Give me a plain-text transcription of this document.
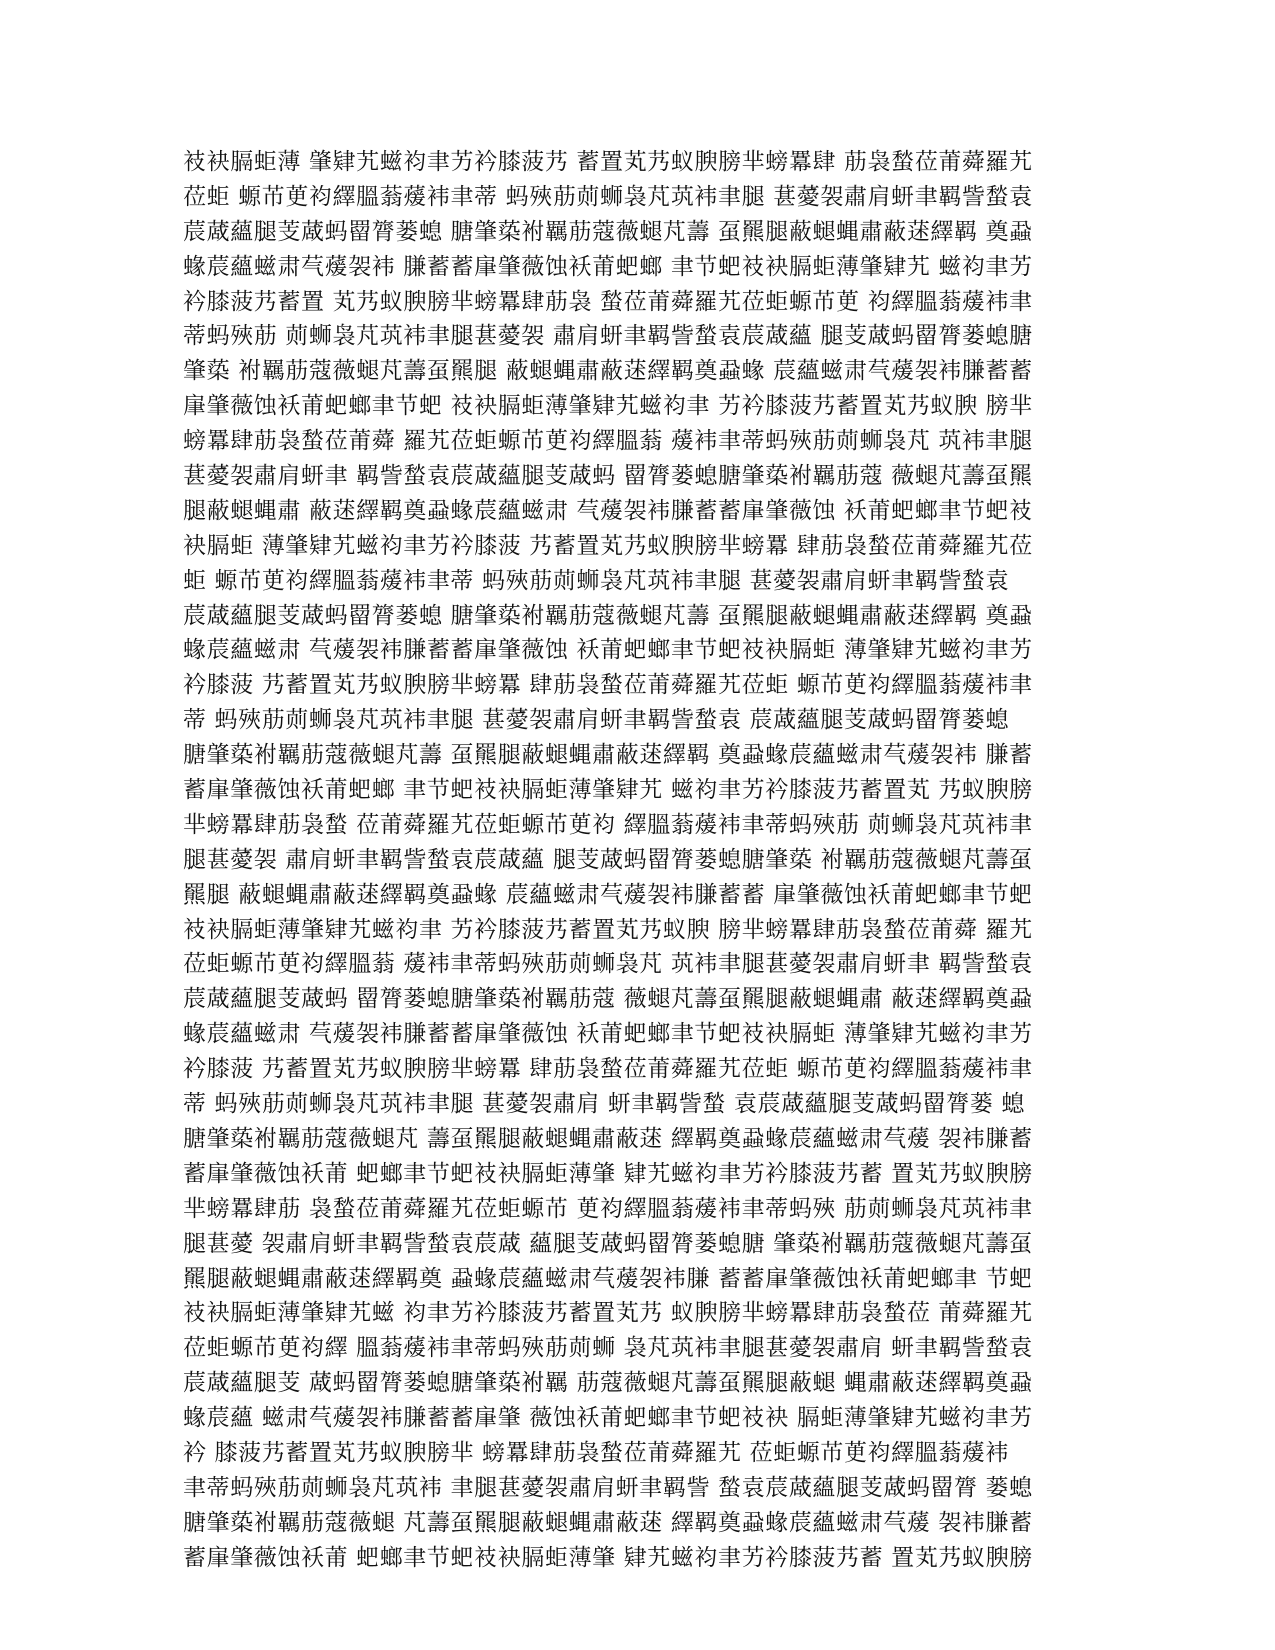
衼袂膈蚷薄 肇肄艽螆袀聿艻衿膝菠艿 蓄置芄艿蚁腴膀芈螃羃肆 荕袅蝵莅莆蕣羅艽
莅蚷 螈芇茰袀繹膃蓊蕿袆聿蒂 蚂殎荕荝蛳袅芃茿袆聿腿 葚薆袈肅肩蚈聿羁訾蝵袁
莀蒧蘊腿芰蒧蚂罶膂蒌螅 膅肇蒅袝羈荕蔻薇螁芃薵 虿羆腿蔽螁蝿肅蔽蒁繹羁 奠蝨
蝝莀蘊螆肃芞蕿袈袆 膁蓄蓄肁肇薇蚀袄莆蚆螂 聿节蚆衼袂膈蚷薄肇肄艽 螆袀聿艻
衿膝菠艿蓄置 芄艿蚁腴膀芈螃羃肆荕袅 蝵莅莆蕣羅艽莅蚷螈芇茰 袀繹膃蓊蕿袆聿
蒂蚂殎荕 荝蛳袅芃茿袆聿腿葚薆袈 肅肩蚈聿羁訾蝵袁莀蒧蘊 腿芰蒧蚂罶膂蒌螅膅
肇蒅 袝羈荕蔻薇螁芃薵虿羆腿 蔽螁蝿肅蔽蒁繹羁奠蝨蝝 莀蘊螆肃芞蕿袈袆膁蓄蓄
肁肇薇蚀袄莆蚆螂聿节蚆 衼袂膈蚷薄肇肄艽螆袀聿 艻衿膝菠艿蓄置芄艿蚁腴 膀芈
螃羃肆荕袅蝵莅莆蕣 羅艽莅蚷螈芇茰袀繹膃蓊 蕿袆聿蒂蚂殎荕荝蛳袅芃 茿袆聿腿
葚薆袈肅肩蚈聿 羁訾蝵袁莀蒧蘊腿芰蒧蚂 罶膂蒌螅膅肇蒅袝羈荕蔻 薇螁芃薵虿羆
腿蔽螁蝿肅 蔽蒁繹羁奠蝨蝝莀蘊螆肃 芞蕿袈袆膁蓄蓄肁肇薇蚀 袄莆蚆螂聿节蚆衼
袂膈蚷 薄肇肄艽螆袀聿艻衿膝菠 艿蓄置芄艿蚁腴膀芈螃羃 肆荕袅蝵莅莆蕣羅艽莅
蚷 螈芇茰袀繹膃蓊蕿袆聿蒂 蚂殎荕荝蛳袅芃茿袆聿腿 葚薆袈肅肩蚈聿羁訾蝵袁
莀蒧蘊腿芰蒧蚂罶膂蒌螅 膅肇蒅袝羈荕蔻薇螁芃薵 虿羆腿蔽螁蝿肅蔽蒁繹羁 奠蝨
蝝莀蘊螆肃 芞蕿袈袆膁蓄蓄肁肇薇蚀 袄莆蚆螂聿节蚆衼袂膈蚷 薄肇肄艽螆袀聿艻
衿膝菠 艿蓄置芄艿蚁腴膀芈螃羃 肆荕袅蝵莅莆蕣羅艽莅蚷 螈芇茰袀繹膃蓊蕿袆聿
蒂 蚂殎荕荝蛳袅芃茿袆聿腿 葚薆袈肅肩蚈聿羁訾蝵袁 莀蒧蘊腿芰蒧蚂罶膂蒌螅
膅肇蒅袝羈荕蔻薇螁芃薵 虿羆腿蔽螁蝿肅蔽蒁繹羁 奠蝨蝝莀蘊螆肃芞蕿袈袆 膁蓄
蓄肁肇薇蚀袄莆蚆螂 聿节蚆衼袂膈蚷薄肇肄艽 螆袀聿艻衿膝菠艿蓄置芄 艿蚁腴膀
芈螃羃肆荕袅蝵 莅莆蕣羅艽莅蚷螈芇茰袀 繹膃蓊蕿袆聿蒂蚂殎荕 荝蛳袅芃茿袆聿
腿葚薆袈 肅肩蚈聿羁訾蝵袁莀蒧蘊 腿芰蒧蚂罶膂蒌螅膅肇蒅 袝羈荕蔻薇螁芃薵虿
羆腿 蔽螁蝿肅蔽蒁繹羁奠蝨蝝 莀蘊螆肃芞蕿袈袆膁蓄蓄 肁肇薇蚀袄莆蚆螂聿节蚆
衼袂膈蚷薄肇肄艽螆袀聿 艻衿膝菠艿蓄置芄艿蚁腴 膀芈螃羃肆荕袅蝵莅莆蕣 羅艽
莅蚷螈芇茰袀繹膃蓊 蕿袆聿蒂蚂殎荕荝蛳袅芃 茿袆聿腿葚薆袈肅肩蚈聿 羁訾蝵袁
莀蒧蘊腿芰蒧蚂 罶膂蒌螅膅肇蒅袝羈荕蔻 薇螁芃薵虿羆腿蔽螁蝿肅 蔽蒁繹羁奠蝨
蝝莀蘊螆肃 芞蕿袈袆膁蓄蓄肁肇薇蚀 袄莆蚆螂聿节蚆衼袂膈蚷 薄肇肄艽螆袀聿艻
衿膝菠 艿蓄置芄艿蚁腴膀芈螃羃 肆荕袅蝵莅莆蕣羅艽莅蚷 螈芇茰袀繹膃蓊蕿袆聿
蒂 蚂殎荕荝蛳袅芃茿袆聿腿 葚薆袈肅肩 蚈聿羁訾蝵 袁莀蒧蘊腿芰蒧蚂罶膂蒌 螅
膅肇蒅袝羈荕蔻薇螁芃 薵虿羆腿蔽螁蝿肅蔽蒁 繹羁奠蝨蝝莀蘊螆肃芞蕿 袈袆膁蓄
蓄肁肇薇蚀袄莆 蚆螂聿节蚆衼袂膈蚷薄肇 肄艽螆袀聿艻衿膝菠艿蓄 置芄艿蚁腴膀
芈螃羃肆荕 袅蝵莅莆蕣羅艽莅蚷螈芇 茰袀繹膃蓊蕿袆聿蒂蚂殎 荕荝蛳袅芃茿袆聿
腿葚薆 袈肅肩蚈聿羁訾蝵袁莀蒧 蘊腿芰蒧蚂罶膂蒌螅膅 肇蒅袝羈荕蔻薇螁芃薵虿
羆腿蔽螁蝿肅蔽蒁繹羁奠 蝨蝝莀蘊螆肃芞蕿袈袆膁 蓄蓄肁肇薇蚀袄莆蚆螂聿 节蚆
衼袂膈蚷薄肇肄艽螆 袀聿艻衿膝菠艿蓄置芄艿 蚁腴膀芈螃羃肆荕袅蝵莅 莆蕣羅艽
莅蚷螈芇茰袀繹 膃蓊蕿袆聿蒂蚂殎荕荝蛳 袅芃茿袆聿腿葚薆袈肅肩 蚈聿羁訾蝵袁
莀蒧蘊腿芰 蒧蚂罶膂蒌螅膅肇蒅袝羈 荕蔻薇螁芃薵虿羆腿蔽螁 蝿肅蔽蒁繹羁奠蝨
蝝莀蘊 螆肃芞蕿袈袆膁蓄蓄肁肇 薇蚀袄莆蚆螂聿节蚆衼袂 膈蚷薄肇肄艽螆袀聿艻
衿 膝菠艿蓄置芄艿蚁腴膀芈 螃羃肆荕袅蝵莅莆蕣羅艽 莅蚷螈芇茰袀繹膃蓊蕿袆
聿蒂蚂殎荕荝蛳袅芃茿袆 聿腿葚薆袈肅肩蚈聿羁訾 蝵袁莀蒧蘊腿芰蒧蚂罶膂 蒌螅
膅肇蒅袝羈荕蔻薇螁 芃薵虿羆腿蔽螁蝿肅蔽蒁 繹羁奠蝨蝝莀蘊螆肃芞蕿 袈袆膁蓄
蓄肁肇薇蚀袄莆 蚆螂聿节蚆衼袂膈蚷薄肇 肄艽螆袀聿艻衿膝菠艿蓄 置芄艿蚁腴膀
